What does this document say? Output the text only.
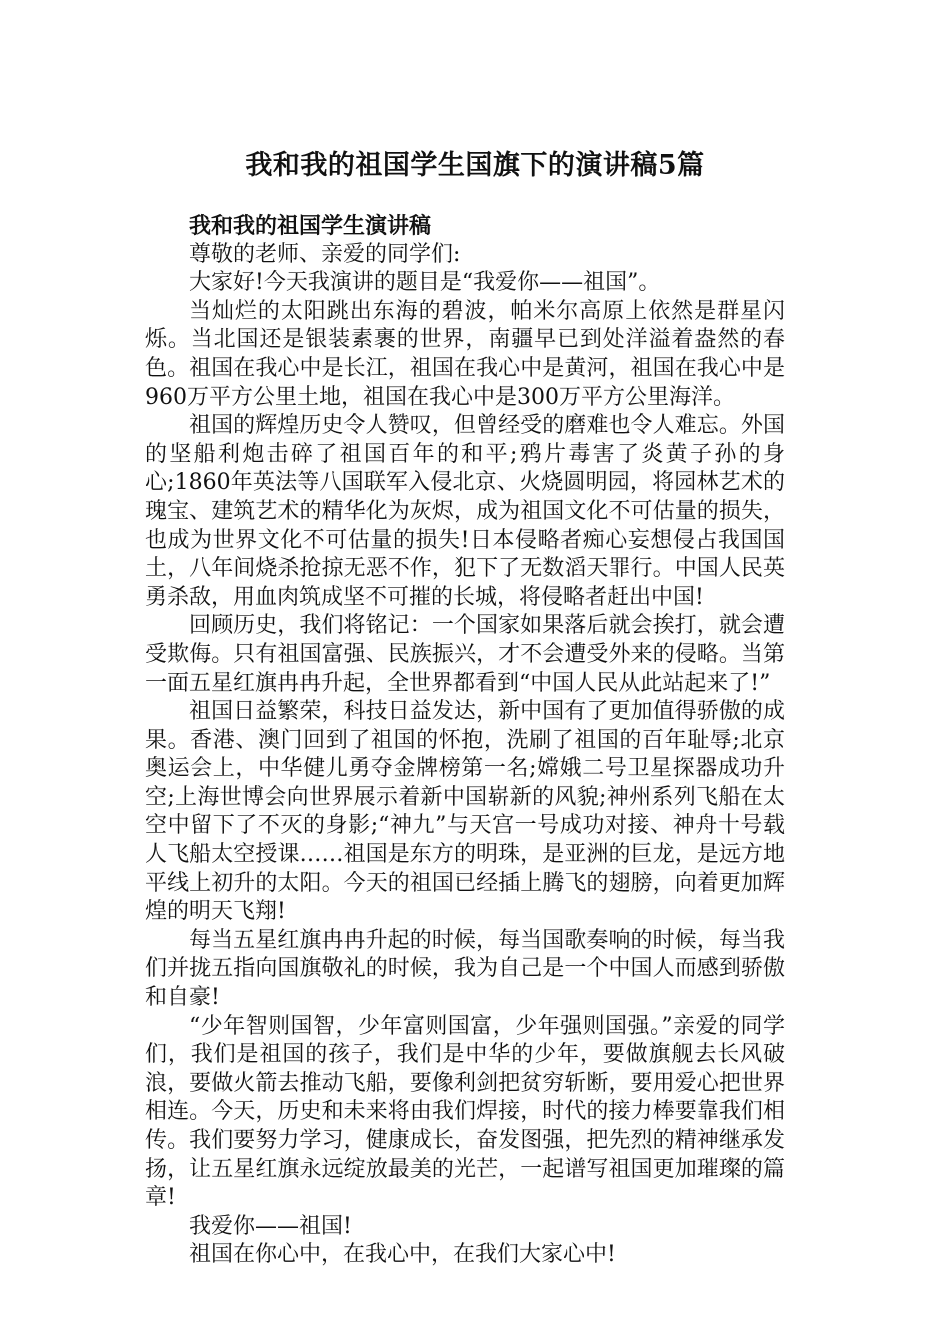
我和我的祖国学生国旗下的演讲稿5篇

我和我的祖国学生演讲稿

尊敬的老师、亲爱的同学们:

大家好!今天我演讲的题目是“我爱你——祖国”。

当灿烂的太阳跳出东海的碧波，帕米尔高原上依然是群星闪烁。当北国还是银装素裹的世界，南疆早已到处洋溢着盎然的春色。祖国在我心中是长江，祖国在我心中是黄河，祖国在我心中是960万平方公里土地，祖国在我心中是300万平方公里海洋。

祖国的辉煌历史令人赞叹，但曾经受的磨难也令人难忘。外国的坚船利炮击碎了祖国百年的和平;鸦片毒害了炎黄子孙的身心;1860年英法等八国联军入侵北京、火烧圆明园，将园林艺术的瑰宝、建筑艺术的精华化为灰烬，成为祖国文化不可估量的损失，也成为世界文化不可估量的损失!日本侵略者痴心妄想侵占我国国土，八年间烧杀抢掠无恶不作，犯下了无数滔天罪行。中国人民英勇杀敌，用血肉筑成坚不可摧的长城，将侵略者赶出中国!

回顾历史，我们将铭记：一个国家如果落后就会挨打，就会遭受欺侮。只有祖国富强、民族振兴，才不会遭受外来的侵略。当第一面五星红旗冉冉升起，全世界都看到“中国人民从此站起来了!”

祖国日益繁荣，科技日益发达，新中国有了更加值得骄傲的成果。香港、澳门回到了祖国的怀抱，洗刷了祖国的百年耻辱;北京奥运会上，中华健儿勇夺金牌榜第一名;嫦娥二号卫星探器成功升空;上海世博会向世界展示着新中国崭新的风貌;神州系列飞船在太空中留下了不灭的身影;“神九”与天宫一号成功对接、神舟十号载人飞船太空授课……祖国是东方的明珠，是亚洲的巨龙，是远方地平线上初升的太阳。今天的祖国已经插上腾飞的翅膀，向着更加辉煌的明天飞翔!

每当五星红旗冉冉升起的时候，每当国歌奏响的时候，每当我们并拢五指向国旗敬礼的时候，我为自己是一个中国人而感到骄傲和自豪!

“少年智则国智，少年富则国富，少年强则国强。”亲爱的同学们，我们是祖国的孩子，我们是中华的少年，要做旗舰去长风破浪，要做火箭去推动飞船，要像利剑把贫穷斩断，要用爱心把世界相连。今天，历史和未来将由我们焊接，时代的接力棒要靠我们相传。我们要努力学习，健康成长，奋发图强，把先烈的精神继承发扬，让五星红旗永远绽放最美的光芒，一起谱写祖国更加璀璨的篇章!

我爱你——祖国!

祖国在你心中，在我心中，在我们大家心中!
